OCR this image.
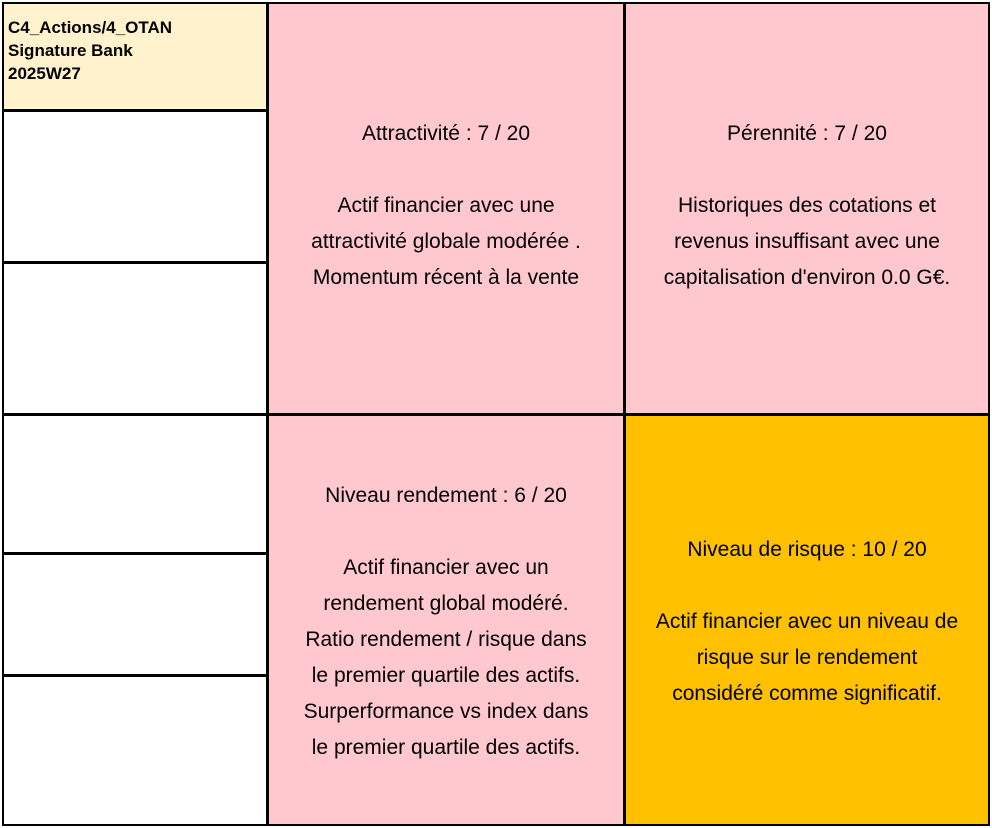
C4_Actions/4_OTAN
Signature Bank
2025W27
Attractivité : 7 / 20
Actif financier avec une
attractivité globale modérée .
Momentum récent à la vente
Pérennité : 7 / 20
Historiques des cotations et
revenus insuffisant avec une
capitalisation d'environ 0.0 G€.
Niveau rendement : 6 / 20
Actif financier avec un
rendement global modéré.
Ratio rendement / risque dans
le premier quartile des actifs.
Surperformance vs index dans
le premier quartile des actifs.
Niveau de risque : 10 / 20
Actif financier avec un niveau de
risque sur le rendement
considéré comme significatif.
